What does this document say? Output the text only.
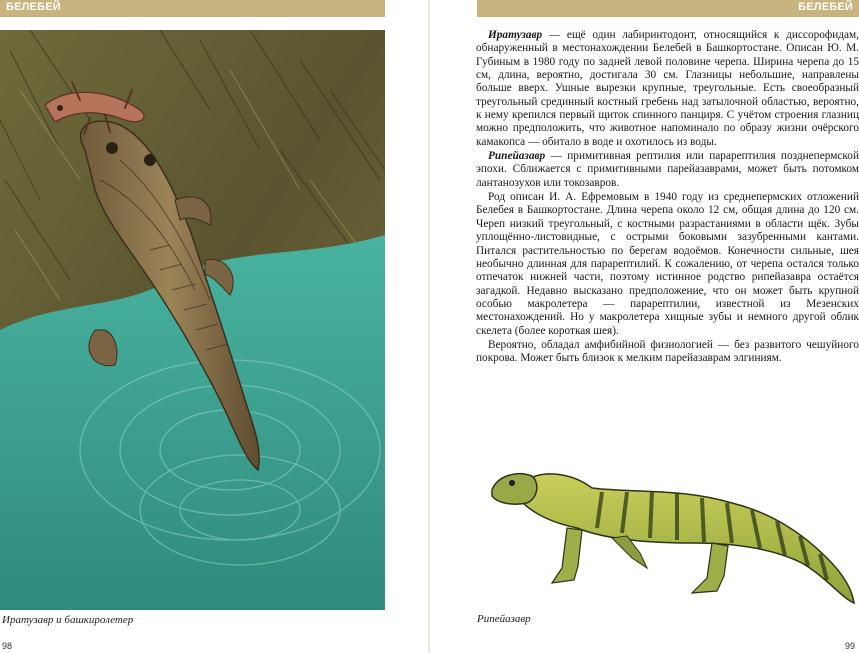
БЕЛЕБЕЙ
Иратузавр и башкиролетер
98
БЕЛЕБЕЙ

Иратузавр — ещё один лабиринтодонт, относящийся к диссорофидам, обнаруженный в местонахождении Белебей в Башкортостане. Описан Ю. М. Губиным в 1980 году по задней левой половине черепа. Ширина черепа до 15 см, длина, вероятно, достигала 30 см. Глазницы небольшие, направлены больше вверх. Ушные вырезки крупные, треугольные. Есть своеобразный треугольный срединный костный гребень над затылочной областью, вероятно, к нему крепился первый щиток спинного панциря. С учётом строения глазниц можно предположить, что животное напоминало по образу жизни очёрского камакопса — обитало в воде и охотилось из воды.

Рипейазавр — примитивная рептилия или парарептилия позднепермской эпохи. Сближается с примитивными парейазаврами, может быть потомком лантанозухов или токозавров.

Род описан И. А. Ефремовым в 1940 году из среднепермских отложений Белебея в Башкортостане. Длина черепа около 12 см, общая длина до 120 см. Череп низкий треугольный, с костными разрастаниями в области щёк. Зубы уплощённо-листовидные, с острыми боковыми зазубренными кантами. Питался растительностью по берегам водоёмов. Конечности сильные, шея необычно длинная для парарептилий. К сожалению, от черепа остался только отпечаток нижней части, поэтому истинное родство рипейазавра остаётся загадкой. Недавно высказано предположение, что он может быть крупной особью макролетера — парарептилии, известной из Мезенских местонахождений. Но у макролетера хищные зубы и немного другой облик скелета (более короткая шея).

Вероятно, обладал амфибийной физиологией — без развитого чешуйного покрова. Может быть близок к мелким парейазаврам элгиниям.

Рипейазавр
99
